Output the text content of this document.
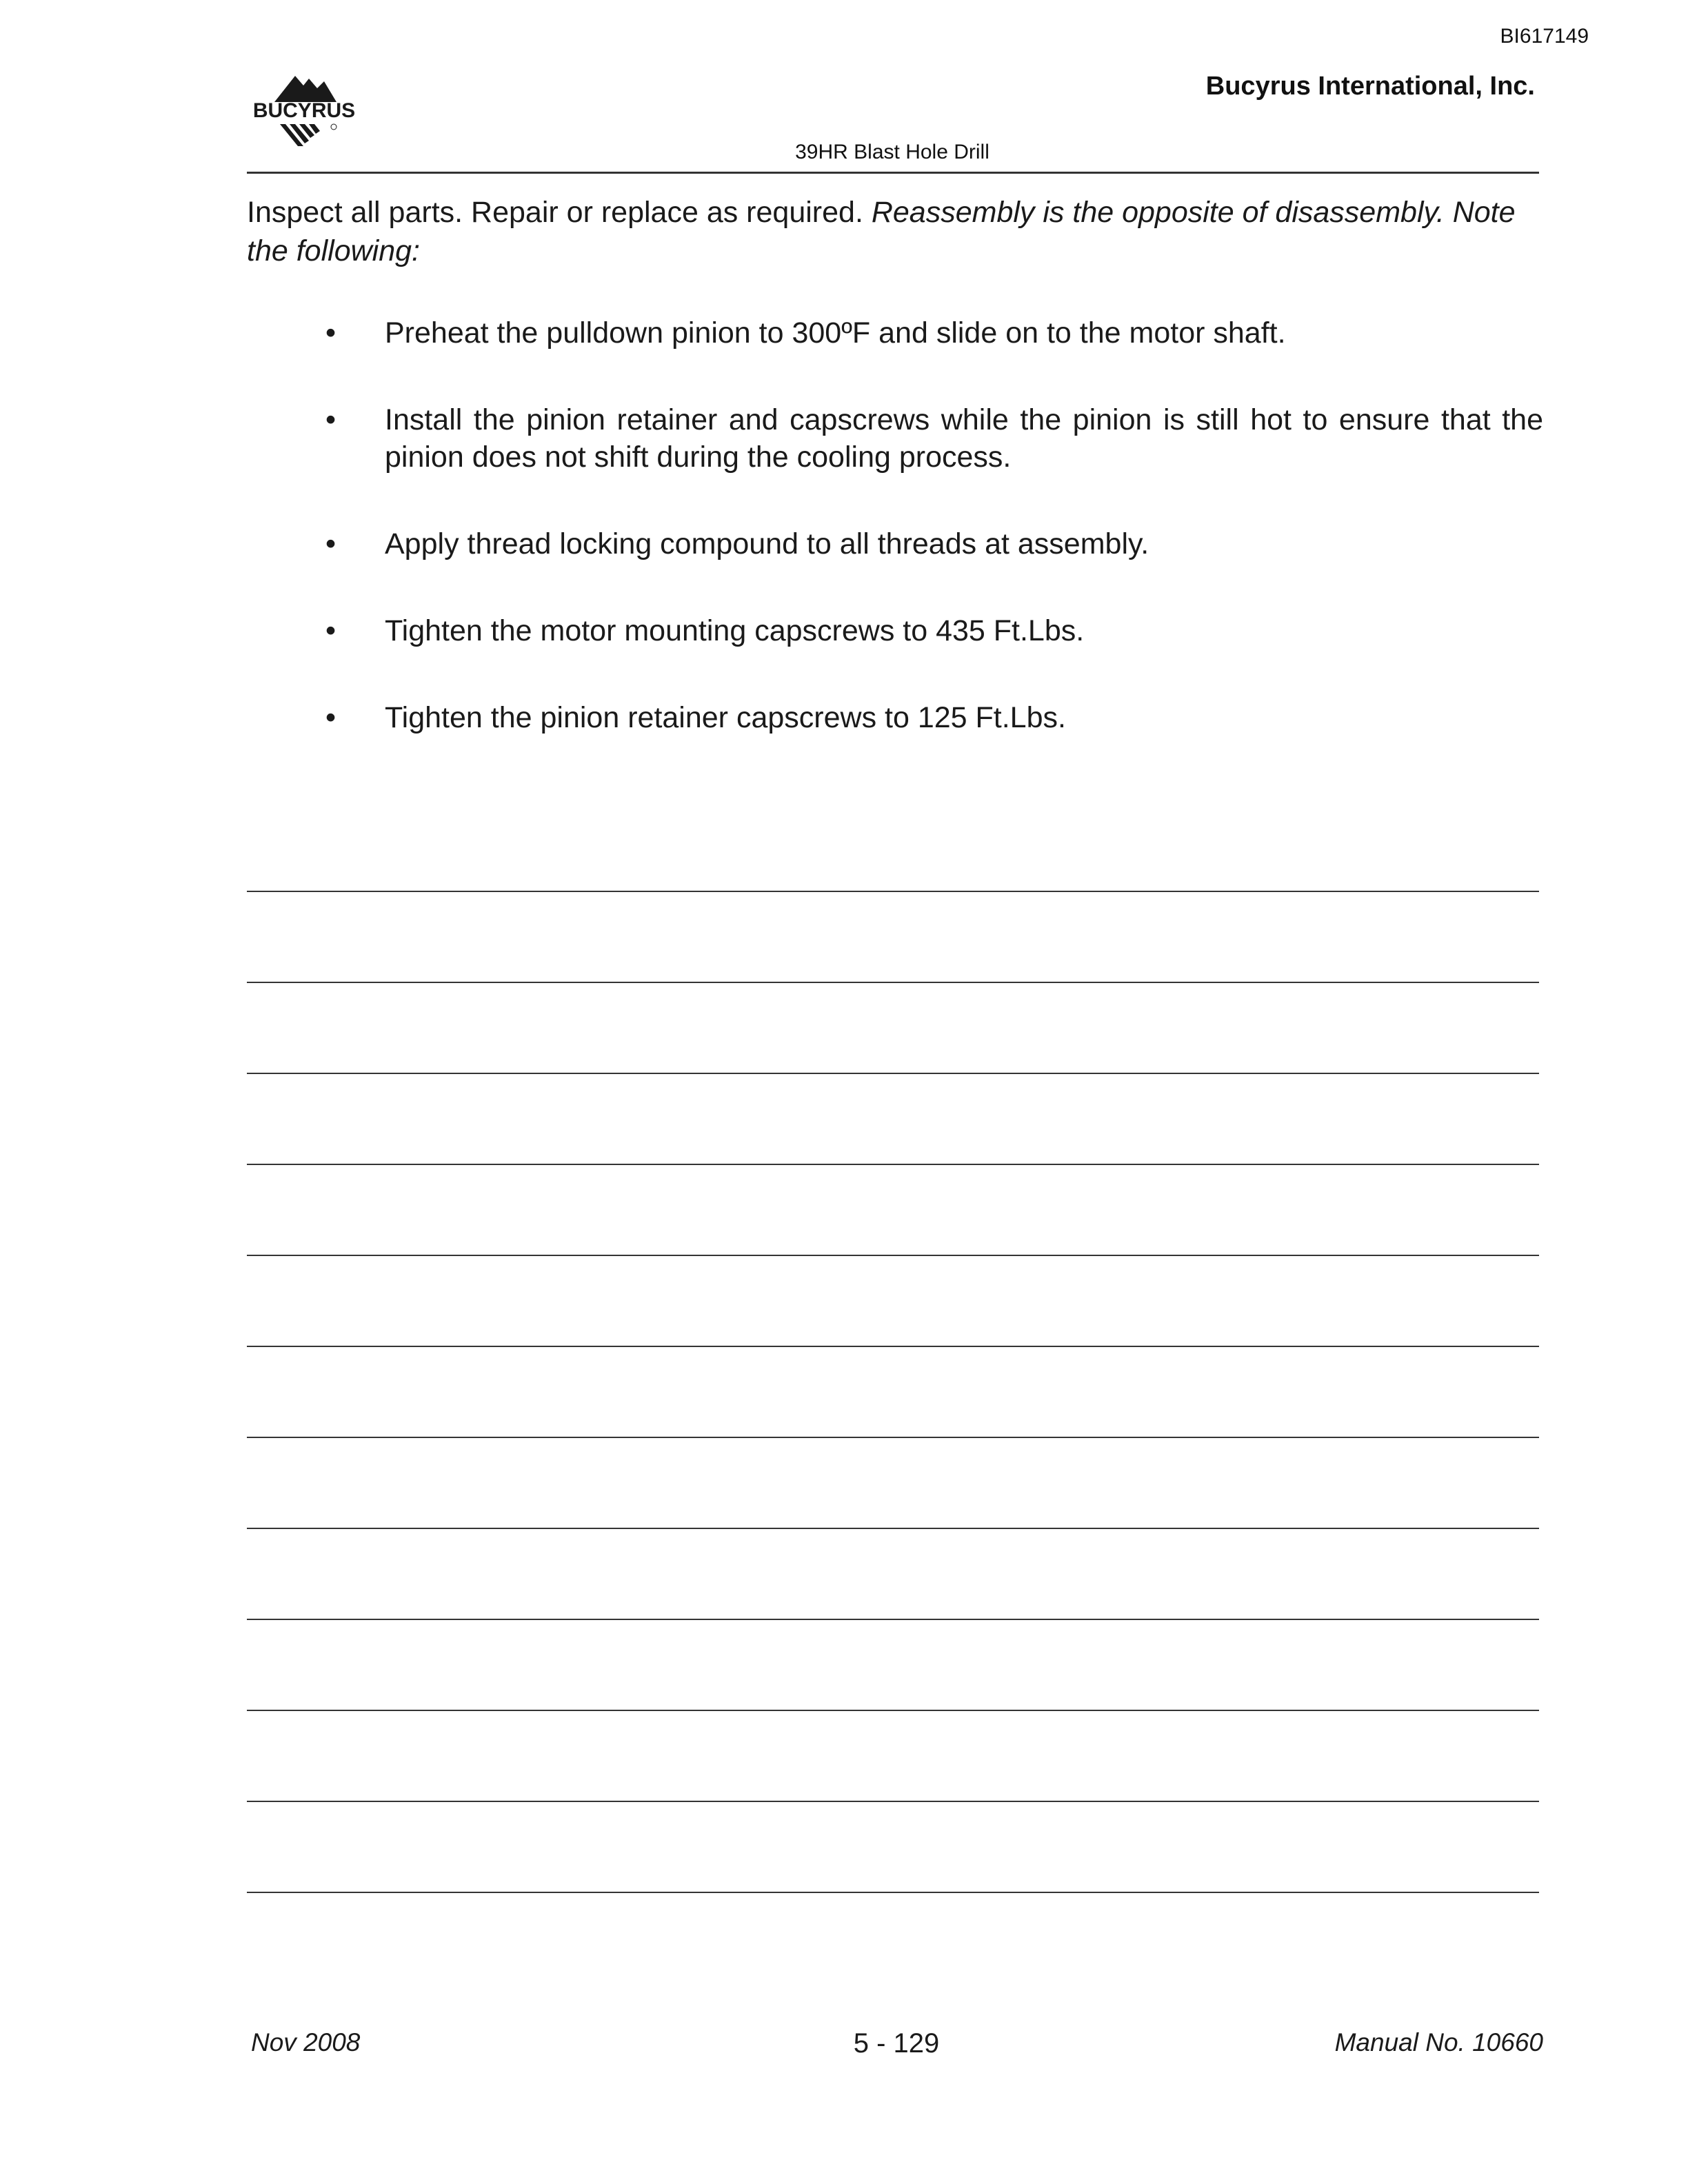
BI617149
BUCYRUS
Bucyrus International, Inc.
39HR Blast Hole Drill
Inspect all parts. Repair or replace as required. Reassembly is the opposite of disassembly. Note the following:
• Preheat the pulldown pinion to 300ºF and slide on to the motor shaft.
• Install the pinion retainer and capscrews while the pinion is still hot to ensure that the pinion does not shift during the cooling process.
• Apply thread locking compound to all threads at assembly.
• Tighten the motor mounting capscrews to 435 Ft.Lbs.
• Tighten the pinion retainer capscrews to 125 Ft.Lbs.
Nov 2008	5 - 129	Manual No. 10660
